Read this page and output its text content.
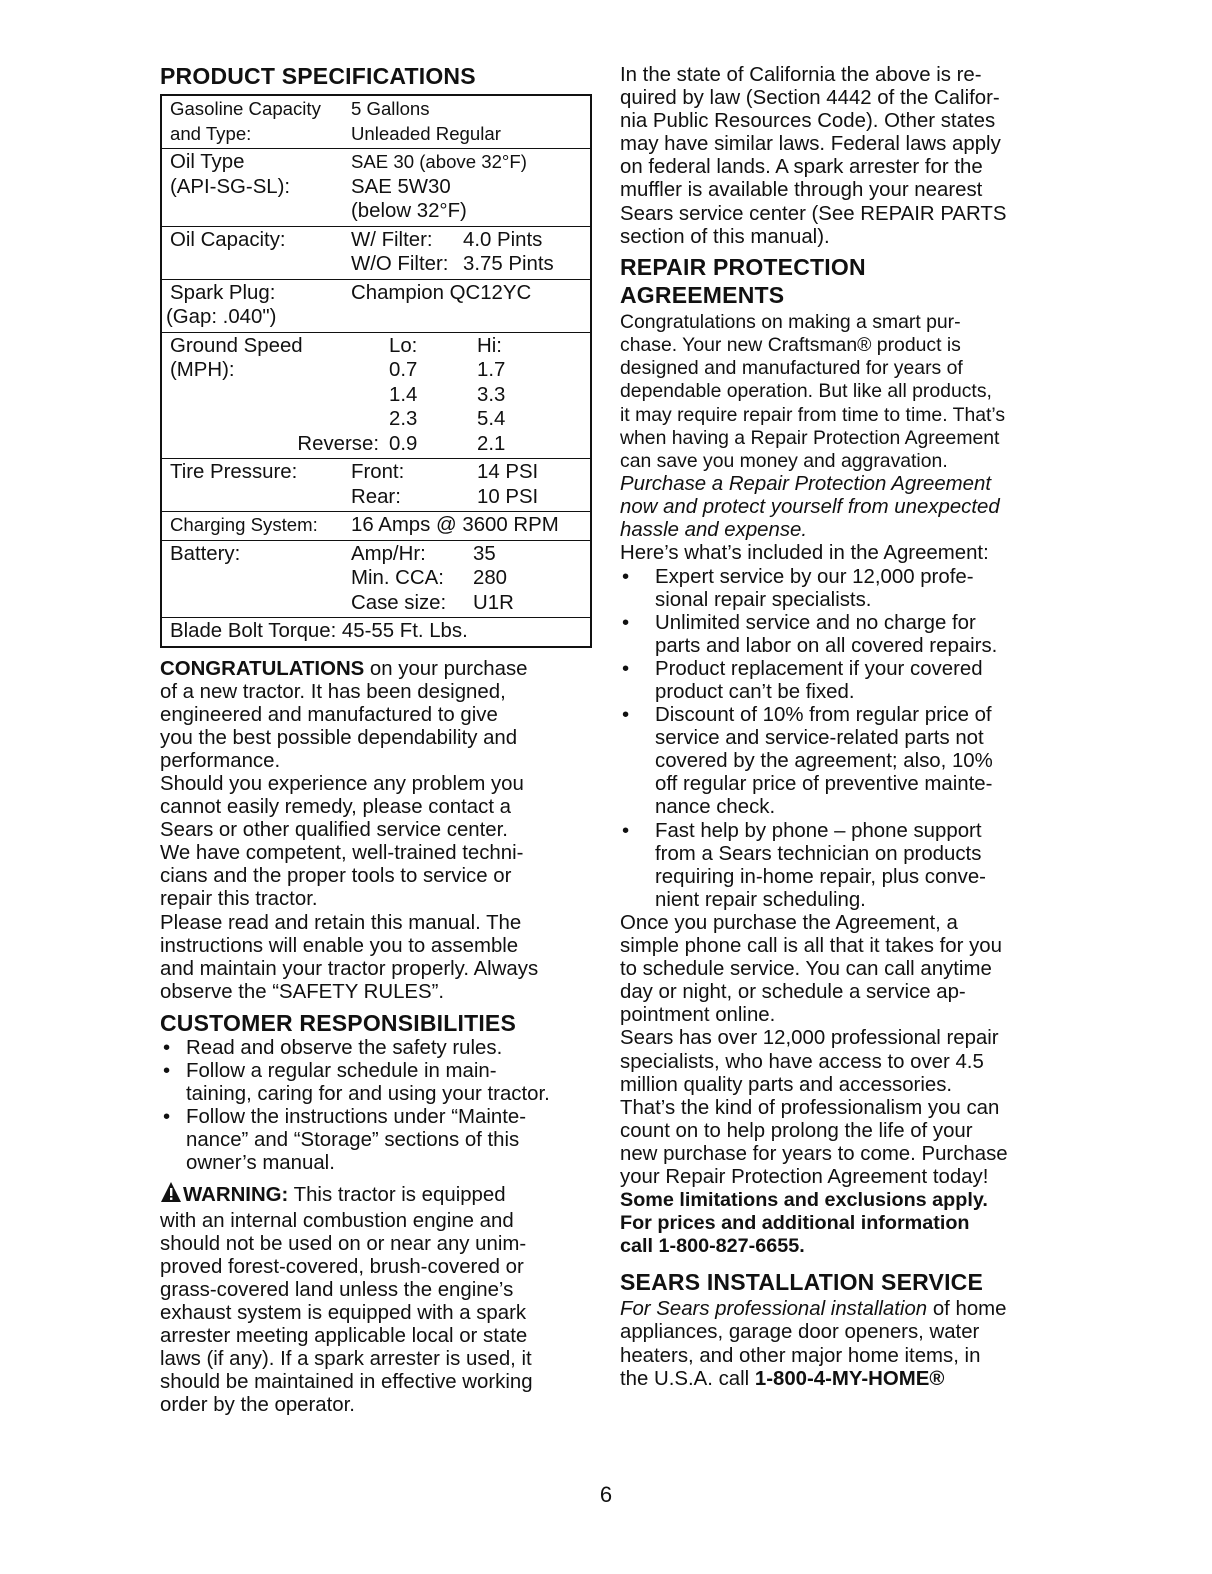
PRODUCT SPECIFICATIONS
Gasoline Capacity	5 Gallons
and Type:	Unleaded Regular
Oil Type	SAE 30 (above 32°F)
(API-SG-SL):	SAE 5W30
(below 32°F)
Oil Capacity:	W/ Filter:	4.0 Pints
W/O Filter: 3.75 Pints
Spark Plug:	Champion QC12YC
(Gap: .040")
Ground Speed	Lo:	Hi:
(MPH):	0.7	1.7
1.4	3.3
2.3	5.4
Reverse: 0.9	2.1
Tire Pressure:	Front:	14 PSI
Rear:	10 PSI
Charging System:	16 Amps @ 3600 RPM
Battery:	Amp/Hr:	35
Min. CCA:	280
Case size:	U1R
Blade Bolt Torque: 45-55 Ft. Lbs.

CONGRATULATIONS on your purchase
of a new tractor. It has been designed,
engineered and manufactured to give
you the best possible dependability and
performance.

Should you experience any problem you
cannot easily remedy, please contact a
Sears or other qualified service center.
We have competent, well-trained techni-
cians and the proper tools to service or
repair this tractor.

Please read and retain this manual. The
instructions will enable you to assemble
and maintain your tractor properly. Always
observe the “SAFETY RULES”.

CUSTOMER RESPONSIBILITIES
• Read and observe the safety rules.
• Follow a regular schedule in main-
taining, caring for and using your tractor.
• Follow the instructions under “Mainte-
nance” and “Storage” sections of this
owner’s manual.

WARNING: This tractor is equipped
with an internal combustion engine and
should not be used on or near any unim-
proved forest-covered, brush-covered or
grass-covered land unless the engine’s
exhaust system is equipped with a spark
arrester meeting applicable local or state
laws (if any). If a spark arrester is used, it
should be maintained in effective working
order by the operator.

In the state of California the above is re-
quired by law (Section 4442 of the Califor-
nia Public Resources Code). Other states
may have similar laws. Federal laws apply
on federal lands. A spark arrester for the
muffler is available through your nearest
Sears service center (See REPAIR PARTS
section of this manual).

REPAIR PROTECTION
AGREEMENTS

Congratulations on making a smart pur-
chase. Your new Craftsman® product is
designed and manufactured for years of
dependable operation. But like all products,
it may require repair from time to time. That’s
when having a Repair Protection Agreement
can save you money and aggravation.

Purchase a Repair Protection Agreement
now and protect yourself from unexpected
hassle and expense.

Here’s what’s included in the Agreement:

• Expert service by our 12,000 profe-
sional repair specialists.
• Unlimited service and no charge for
parts and labor on all covered repairs.
• Product replacement if your covered
product can’t be fixed.
• Discount of 10% from regular price of
service and service-related parts not
covered by the agreement; also, 10%
off regular price of preventive mainte-
nance check.
• Fast help by phone – phone support
from a Sears technician on products
requiring in-home repair, plus conve-
nient repair scheduling.

Once you purchase the Agreement, a
simple phone call is all that it takes for you
to schedule service. You can call anytime
day or night, or schedule a service ap-
pointment online.

Sears has over 12,000 professional repair
specialists, who have access to over 4.5
million quality parts and accessories.
That’s the kind of professionalism you can
count on to help prolong the life of your
new purchase for years to come. Purchase
your Repair Protection Agreement today!

Some limitations and exclusions apply.
For prices and additional information
call 1-800-827-6655.

SEARS INSTALLATION SERVICE

For Sears professional installation of home
appliances, garage door openers, water
heaters, and other major home items, in
the U.S.A. call 1-800-4-MY-HOME®

6
